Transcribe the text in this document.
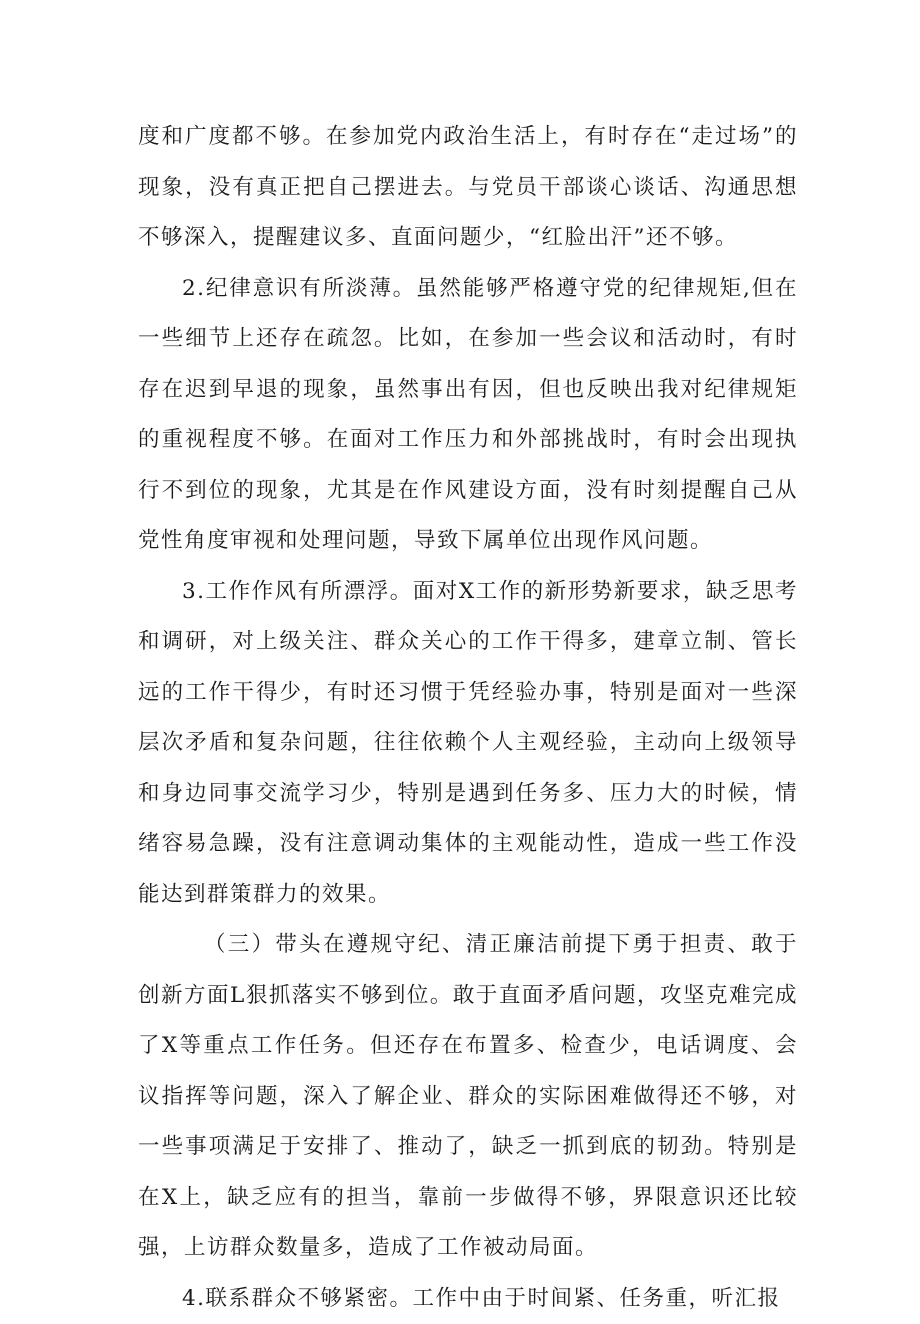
度和广度都不够。在参加党内政治生活上，有时存在“走过场”的现象，没有真正把自己摆进去。与党员干部谈心谈话、沟通思想不够深入，提醒建议多、直面问题少，“红脸出汗”还不够。

2.纪律意识有所淡薄。虽然能够严格遵守党的纪律规矩,但在一些细节上还存在疏忽。比如，在参加一些会议和活动时，有时存在迟到早退的现象，虽然事出有因，但也反映出我对纪律规矩的重视程度不够。在面对工作压力和外部挑战时，有时会出现执行不到位的现象，尤其是在作风建设方面，没有时刻提醒自己从党性角度审视和处理问题，导致下属单位出现作风问题。

3.工作作风有所漂浮。面对X工作的新形势新要求，缺乏思考和调研，对上级关注、群众关心的工作干得多，建章立制、管长远的工作干得少，有时还习惯于凭经验办事，特别是面对一些深层次矛盾和复杂问题，往往依赖个人主观经验，主动向上级领导和身边同事交流学习少，特别是遇到任务多、压力大的时候，情绪容易急躁，没有注意调动集体的主观能动性，造成一些工作没能达到群策群力的效果。

（三）带头在遵规守纪、清正廉洁前提下勇于担责、敢于创新方面L狠抓落实不够到位。敢于直面矛盾问题，攻坚克难完成了X等重点工作任务。但还存在布置多、检查少，电话调度、会议指挥等问题，深入了解企业、群众的实际困难做得还不够，对一些事项满足于安排了、推动了，缺乏一抓到底的韧劲。特别是在X上，缺乏应有的担当，靠前一步做得不够，界限意识还比较强，上访群众数量多，造成了工作被动局面。

4.联系群众不够紧密。工作中由于时间紧、任务重，听汇报
